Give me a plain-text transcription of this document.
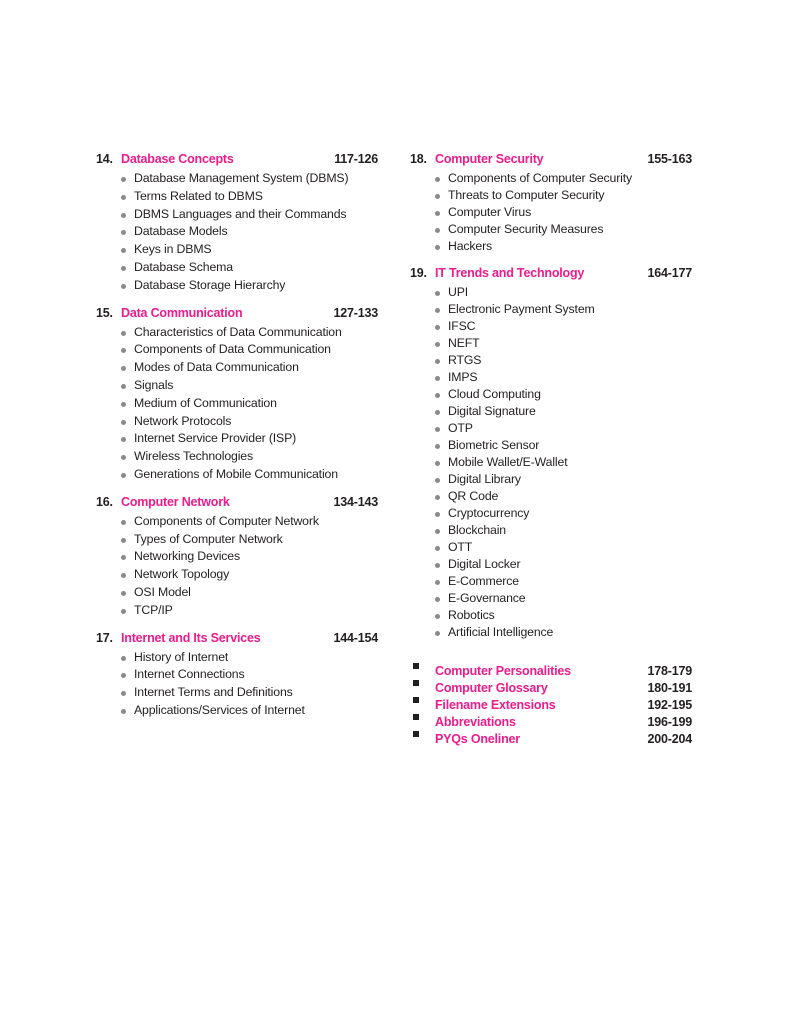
14. Database Concepts	117-126
Database Management System (DBMS)
Terms Related to DBMS
DBMS Languages and their Commands
Database Models
Keys in DBMS
Database Schema
Database Storage Hierarchy
15. Data Communication	127-133
Characteristics of Data Communication
Components of Data Communication
Modes of Data Communication
Signals
Medium of Communication
Network Protocols
Internet Service Provider (ISP)
Wireless Technologies
Generations of Mobile Communication
16. Computer Network	134-143
Components of Computer Network
Types of Computer Network
Networking Devices
Network Topology
OSI Model
TCP/IP
17. Internet and Its Services	144-154
History of Internet
Internet Connections
Internet Terms and Definitions
Applications/Services of Internet
18. Computer Security	155-163
Components of Computer Security
Threats to Computer Security
Computer Virus
Computer Security Measures
Hackers
19. IT Trends and Technology	164-177
UPI
Electronic Payment System
IFSC
NEFT
RTGS
IMPS
Cloud Computing
Digital Signature
OTP
Biometric Sensor
Mobile Wallet/E-Wallet
Digital Library
QR Code
Cryptocurrency
Blockchain
OTT
Digital Locker
E-Commerce
E-Governance
Robotics
Artificial Intelligence
Computer Personalities	178-179
Computer Glossary	180-191
Filename Extensions	192-195
Abbreviations	196-199
PYQs Oneliner	200-204
